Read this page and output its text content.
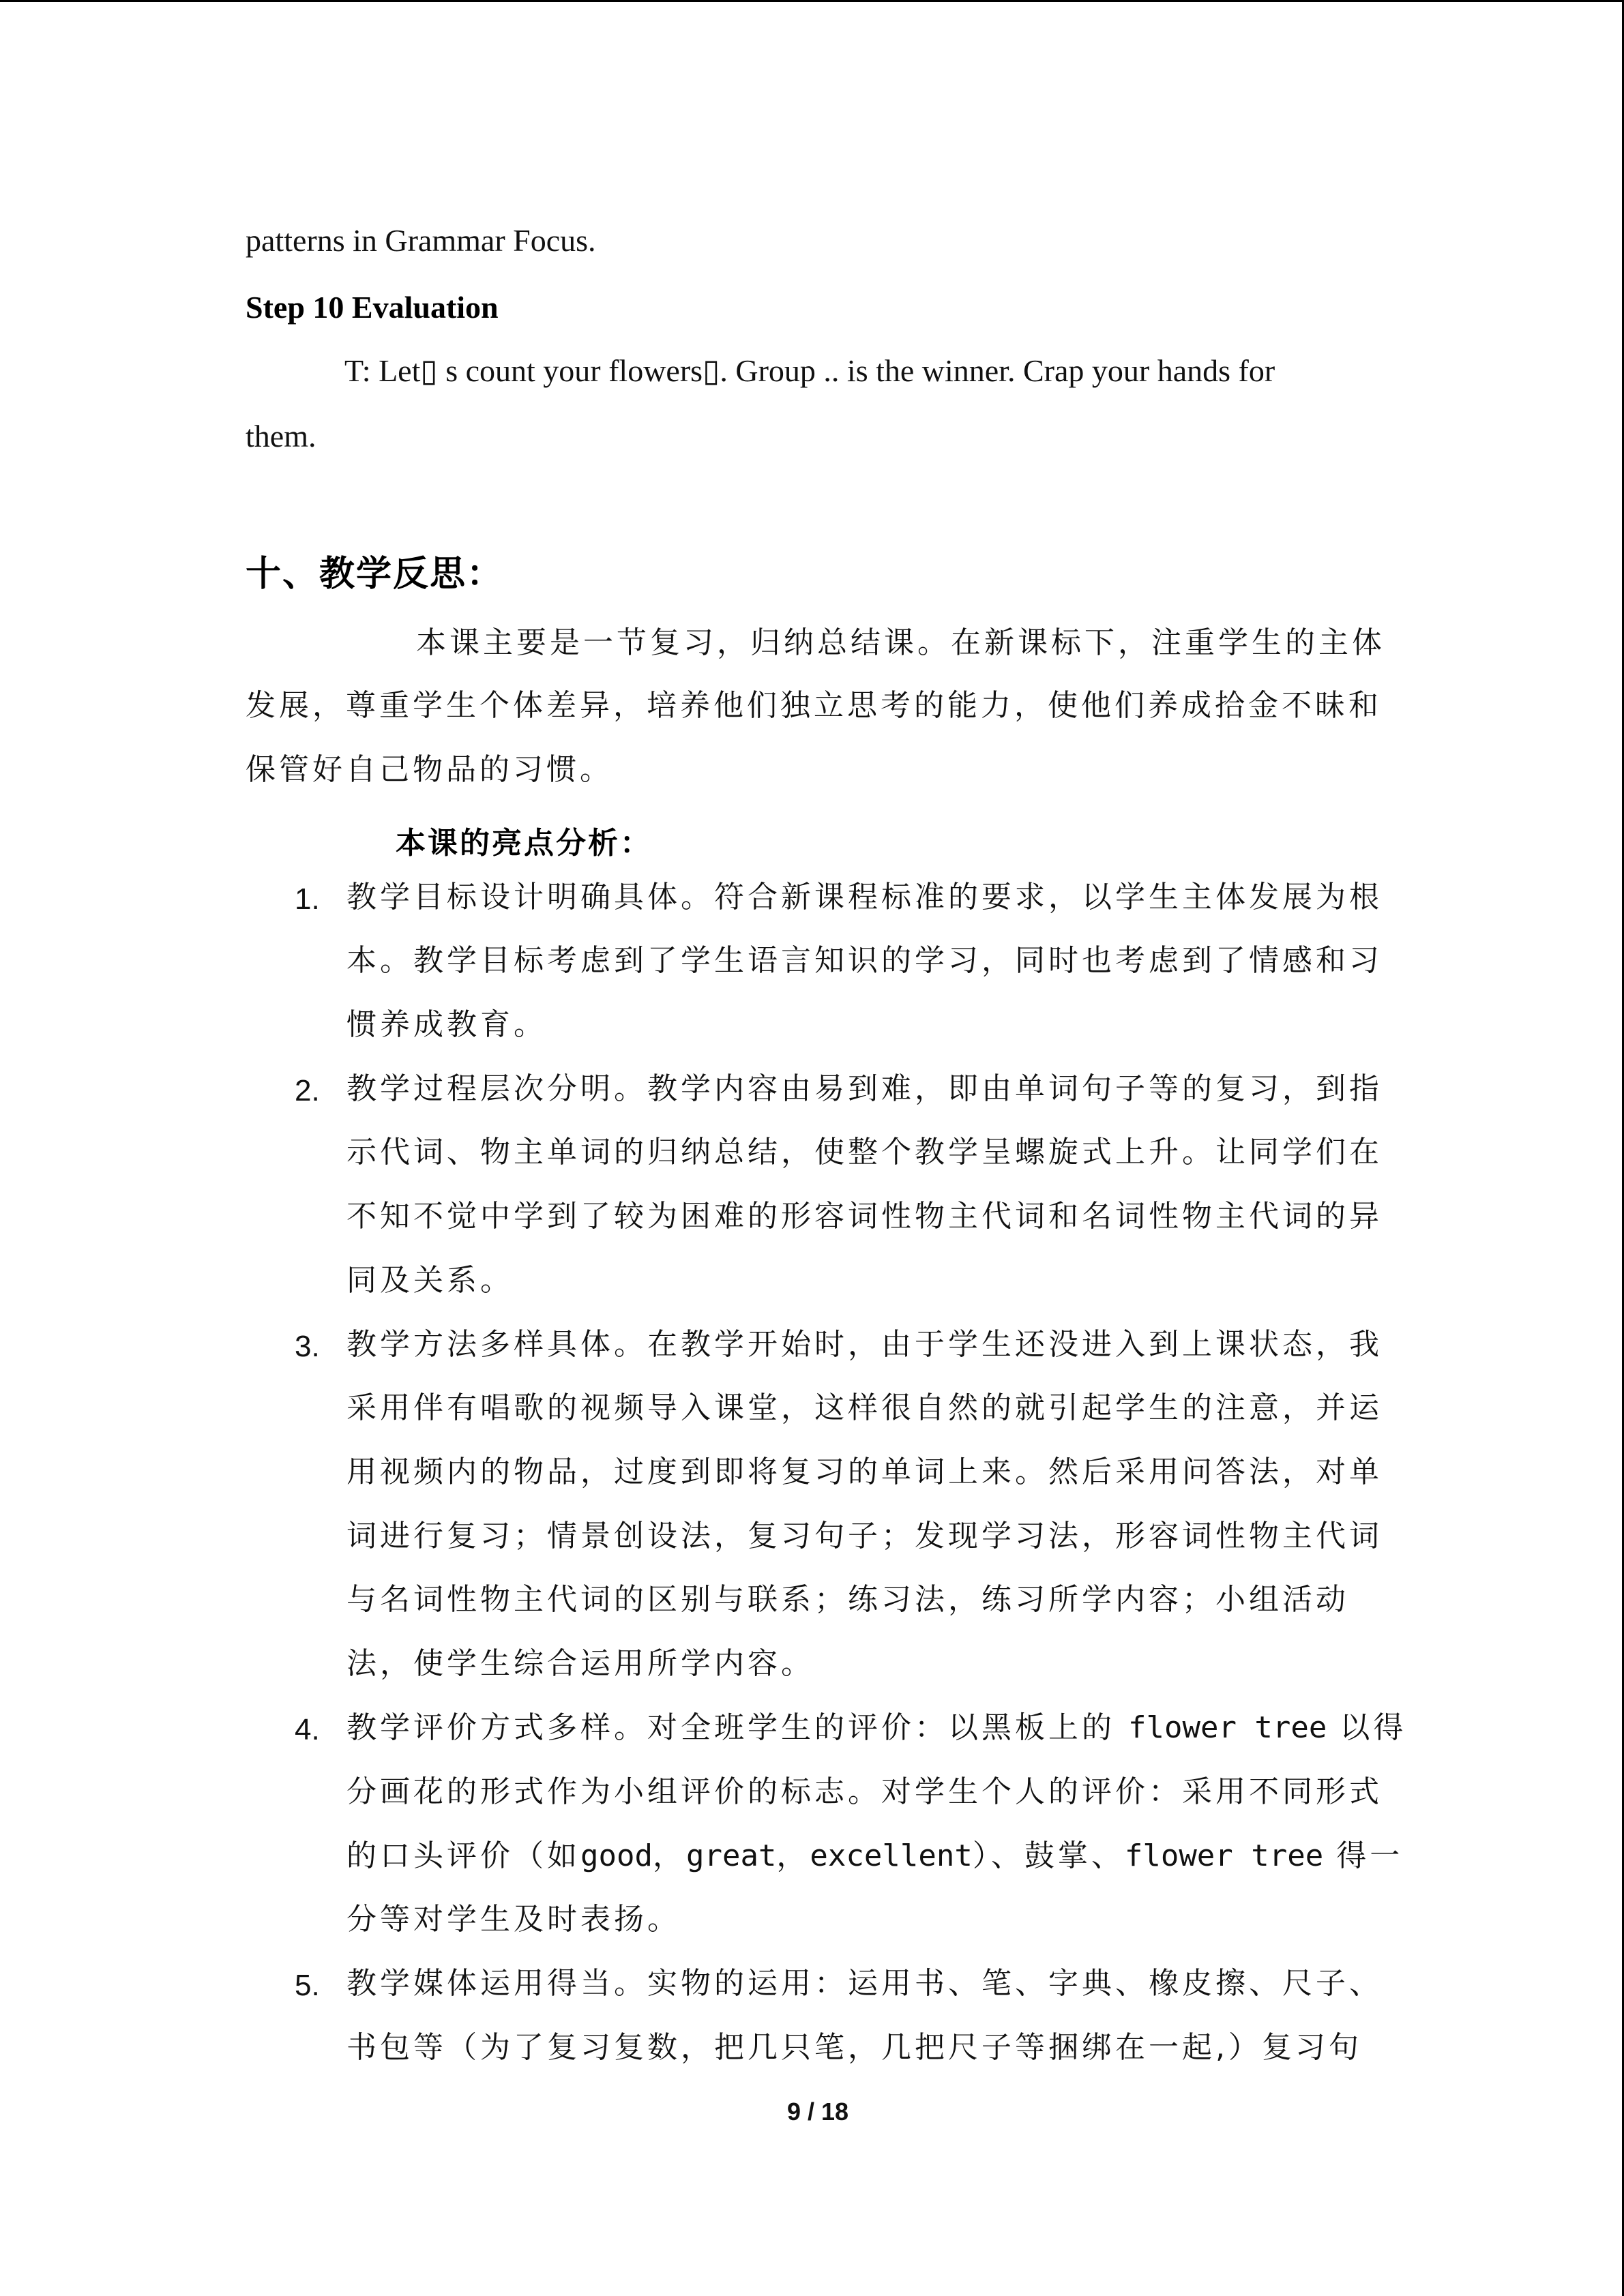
patterns in Grammar Focus.
Step 10 Evaluation
T: Let▯ s count your flowers▯. Group .. is the winner. Crap your hands for
them.
十、教学反思：
本课主要是一节复习，归纳总结课。在新课标下，注重学生的主体
发展，尊重学生个体差异，培养他们独立思考的能力，使他们养成拾金不昧和
保管好自己物品的习惯。
本课的亮点分析：
1. 教学目标设计明确具体。符合新课程标准的要求，以学生主体发展为根
本。教学目标考虑到了学生语言知识的学习，同时也考虑到了情感和习
惯养成教育。
2. 教学过程层次分明。教学内容由易到难，即由单词句子等的复习，到指
示代词、物主单词的归纳总结，使整个教学呈螺旋式上升。让同学们在
不知不觉中学到了较为困难的形容词性物主代词和名词性物主代词的异
同及关系。
3. 教学方法多样具体。在教学开始时，由于学生还没进入到上课状态，我
采用伴有唱歌的视频导入课堂，这样很自然的就引起学生的注意，并运
用视频内的物品，过度到即将复习的单词上来。然后采用问答法，对单
词进行复习；情景创设法，复习句子；发现学习法，形容词性物主代词
与名词性物主代词的区别与联系；练习法，练习所学内容；小组活动
法，使学生综合运用所学内容。
4. 教学评价方式多样。对全班学生的评价：以黑板上的 flower tree 以得
分画花的形式作为小组评价的标志。对学生个人的评价：采用不同形式
的口头评价（如good，great，excellent）、鼓掌、flower tree 得一
分等对学生及时表扬。
5. 教学媒体运用得当。实物的运用：运用书、笔、字典、橡皮擦、尺子、
书包等（为了复习复数，把几只笔，几把尺子等捆绑在一起,）复习句
9 / 18
